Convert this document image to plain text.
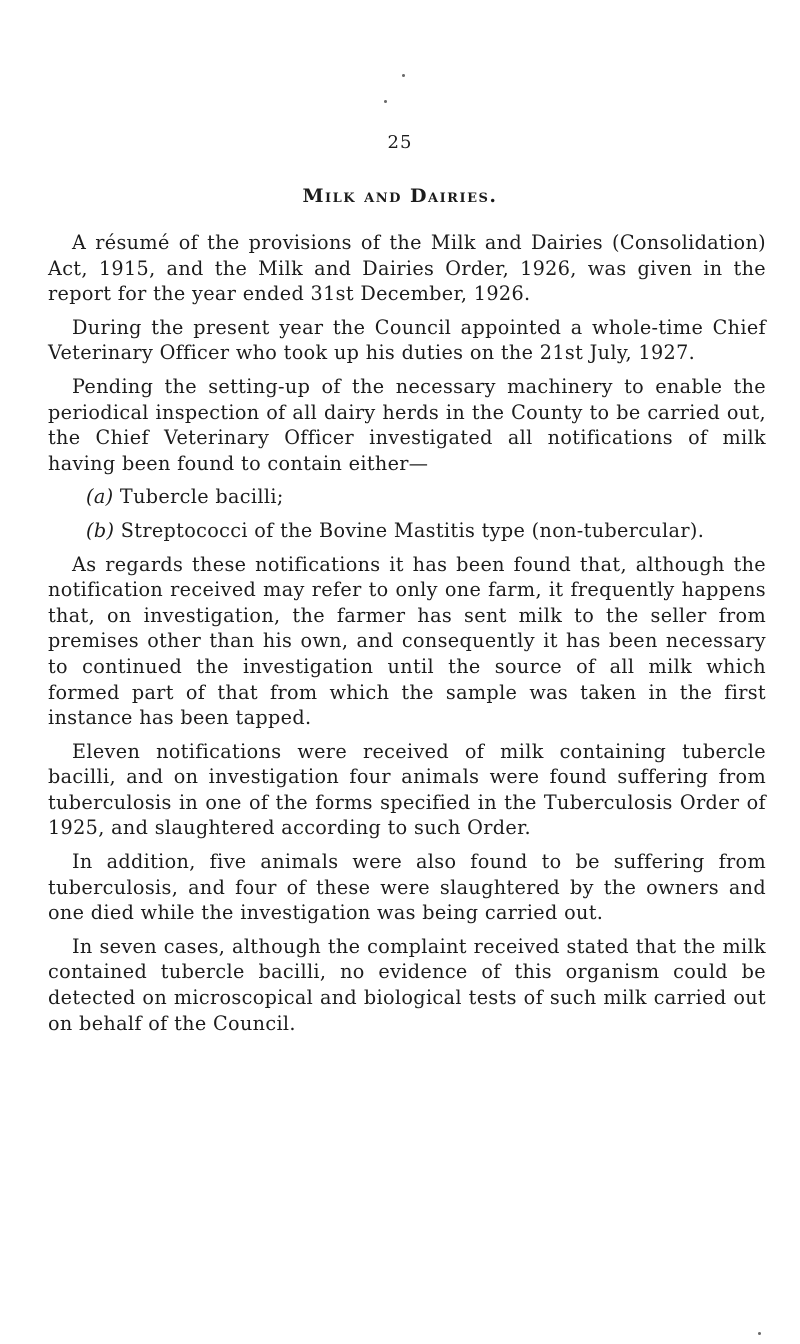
25
Milk and Dairies.

A résumé of the provisions of the Milk and Dairies (Consolidation) Act, 1915, and the Milk and Dairies Order, 1926, was given in the report for the year ended 31st December, 1926.

During the present year the Council appointed a whole-time Chief Veterinary Officer who took up his duties on the 21st July, 1927.

Pending the setting-up of the necessary machinery to enable the periodical inspection of all dairy herds in the County to be carried out, the Chief Veterinary Officer investigated all notifications of milk having been found to contain either—

(a) Tubercle bacilli;
(b) Streptococci of the Bovine Mastitis type (non-tubercular).

As regards these notifications it has been found that, although the notification received may refer to only one farm, it frequently happens that, on investigation, the farmer has sent milk to the seller from premises other than his own, and consequently it has been necessary to continued the investigation until the source of all milk which formed part of that from which the sample was taken in the first instance has been tapped.

Eleven notifications were received of milk containing tubercle bacilli, and on investigation four animals were found suffering from tuberculosis in one of the forms specified in the Tuberculosis Order of 1925, and slaughtered according to such Order.

In addition, five animals were also found to be suffering from tuberculosis, and four of these were slaughtered by the owners and one died while the investigation was being carried out.

In seven cases, although the complaint received stated that the milk contained tubercle bacilli, no evidence of this organism could be detected on microscopical and biological tests of such milk carried out on behalf of the Council.
